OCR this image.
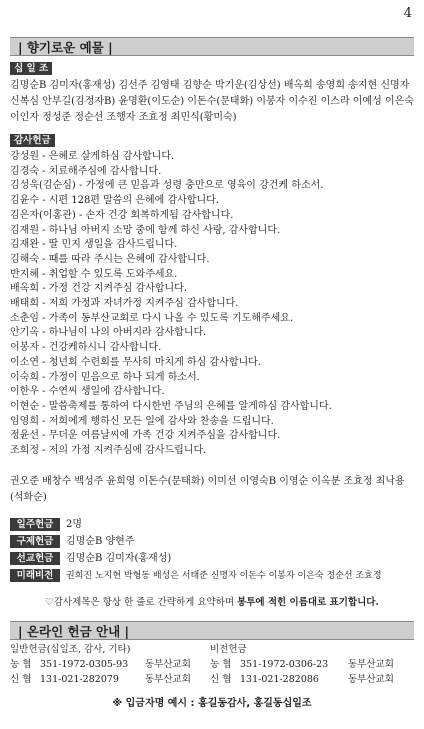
4
| 향기로운 예물 |
십 일 조
김명순B 김미자(홍재성) 김선주 김영태 김향순 박기운(김상선) 배옥희 송영희 송지현 신명자 신복심 안부길(김정자B) 윤명환(이도순) 이돈수(문태화) 이봉자 이수진 이스라 이예성 이은숙 이인자 정성준 정순선 조행자 조효정 최민식(황미숙)
감사헌금
강성원 - 은혜로 살게하심 감사합니다.
김경숙 - 치료해주심에 감사합니다.
김성욱(김순심) - 가정에 큰 믿음과 성령 충만으로 영육이 강건케 하소서.
김윤수 - 시편 128편 말씀의 은혜에 감사합니다.
김은자(이홍관) - 손자 건강 회복하게됨 감사합니다.
김재원 - 하나님 아버지 소망 중에 함께 하신 사랑, 감사합니다.
김재완 - 딸 민지 생일을 감사드립니다.
김해숙 - 때를 따라 주시는 은혜에 감사합니다.
반지혜 - 취업할 수 있도록 도와주세요.
배옥희 - 가정 건강 지켜주심 감사합니다.
배태희 - 저희 가정과 자녀가정 지켜주심 감사합니다.
소춘임 - 가족이 동부산교회로 다시 나올 수 있도록 기도해주세요.
안기옥 - 하나님이 나의 아버지라 감사합니다.
이봉자 - 건강케하시니 감사합니다.
이소연 - 청년회 수련회를 무사히 마치게 하심 감사합니다.
이숙희 - 가정이 믿음으로 하나 되게 하소서.
이한우 - 수연씨 생일에 감사합니다.
이현순 - 말씀축제를 통하여 다시한번 주님의 은혜를 알게하심 감사합니다.
임영희 - 저희에게 행하신 모든 일에 감사와 찬송을 드립니다.
정윤선 - 무더운 여름날씨에 가족 건강 지켜주심을 감사합니다.
조희정 - 저의 가정 지켜주심에 감사드립니다.
권오준 배창수 백성주 윤희영 이돈수(문태화) 이미선 이영숙B 이영순 이옥분 조효정 최낙용(석화순)
일주헌금 2명
구제헌금 김명순B 양현주
선교헌금 김명순B 김미자(홍재성)
미래비전 권희진 노지현 박형동 배성은 서태준 신명자 이돈수 이봉자 이은숙 정순선 조효정
♡감사제목은 항상 한 줄로 간략하게 요약하며 봉투에 적힌 이름대로 표기합니다.
| 온라인 헌금 안내 |
일반헌금(십일조, 감사, 기타)	비전헌금
농 협 351-1972-0305-93 동부산교회 농 협 351-1972-0306-23 동부산교회
신 협 131-021-282079	동부산교회 신 협 131-021-282086	동부산교회
※ 입금자명 예시 : 홍길동감사, 홍길동십일조
